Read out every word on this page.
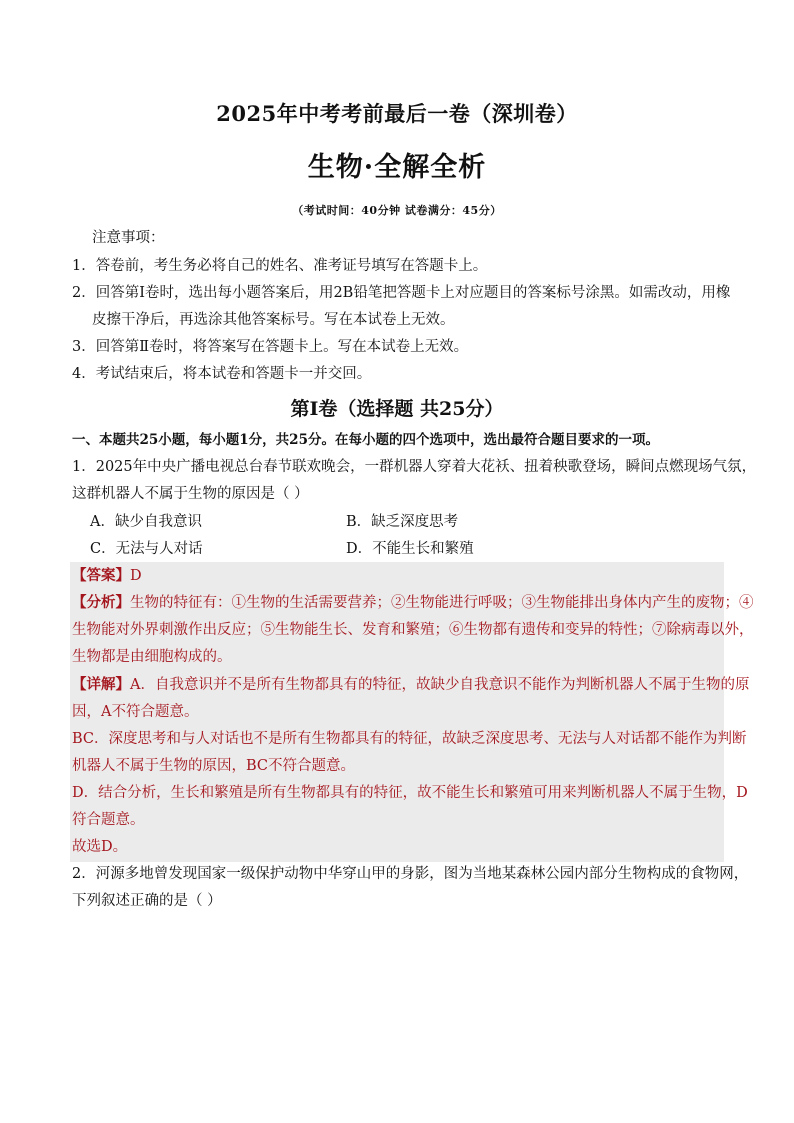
2025年中考考前最后一卷（深圳卷）
生物·全解全析
（考试时间：40分钟 试卷满分：45分）
注意事项：
1．答卷前，考生务必将自己的姓名、准考证号填写在答题卡上。
2．回答第Ⅰ卷时，选出每小题答案后，用2B铅笔把答题卡上对应题目的答案标号涂黑。如需改动，用橡
皮擦干净后，再选涂其他答案标号。写在本试卷上无效。
3．回答第Ⅱ卷时，将答案写在答题卡上。写在本试卷上无效。
4．考试结束后，将本试卷和答题卡一并交回。
第Ⅰ卷（选择题 共25分）
一、本题共25小题，每小题1分，共25分。在每小题的四个选项中，选出最符合题目要求的一项。
1．2025年中央广播电视总台春节联欢晚会，一群机器人穿着大花袄、扭着秧歌登场，瞬间点燃现场气氛，
这群机器人不属于生物的原因是（ ）
A．缺少自我意识	B．缺乏深度思考
C．无法与人对话	D．不能生长和繁殖
【答案】D
【分析】生物的特征有：①生物的生活需要营养；②生物能进行呼吸；③生物能排出身体内产生的废物；④
生物能对外界刺激作出反应；⑤生物能生长、发育和繁殖；⑥生物都有遗传和变异的特性；⑦除病毒以外，
生物都是由细胞构成的。
【详解】A．自我意识并不是所有生物都具有的特征，故缺少自我意识不能作为判断机器人不属于生物的原
因，A不符合题意。
BC．深度思考和与人对话也不是所有生物都具有的特征，故缺乏深度思考、无法与人对话都不能作为判断
机器人不属于生物的原因，BC不符合题意。
D．结合分析，生长和繁殖是所有生物都具有的特征，故不能生长和繁殖可用来判断机器人不属于生物，D
符合题意。
故选D。
2．河源多地曾发现国家一级保护动物中华穿山甲的身影，图为当地某森林公园内部分生物构成的食物网，
下列叙述正确的是（ ）
